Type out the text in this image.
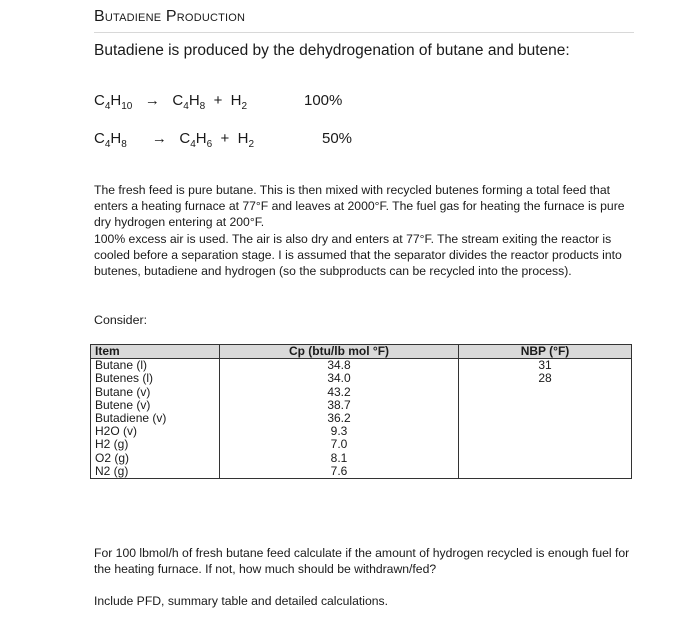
Butadiene Production
Butadiene is produced by the dehydrogenation of butane and butene:
$C_4H_{10} \to C_4H_8 + H_2$	100%
$C_4H_8 \to C_4H_6 + H_2$	50%

The fresh feed is pure butane. This is then mixed with recycled butenes forming a total feed that enters a heating furnace at 77°F and leaves at 2000°F. The fuel gas for heating the furnace is pure dry hydrogen entering at 200°F.

100% excess air is used. The air is also dry and enters at 77°F. The stream exiting the reactor is cooled before a separation stage. I is assumed that the separator divides the reactor products into butenes, butadiene and hydrogen (so the subproducts can be recycled into the process).

Consider:
Item	Cp (btu/lb mol °F)	NBP (°F)
Butane (l)	34.8	31
Butenes (l)	34.0	28
Butane (v)	43.2	
Butene (v)	38.7	
Butadiene (v)	36.2	
H2O (v)	9.3	
H2 (g)	7.0	
O2 (g)	8.1	
N2 (g)	7.6	

For 100 lbmol/h of fresh butane feed calculate if the amount of hydrogen recycled is enough fuel for the heating furnace. If not, how much should be withdrawn/fed?

Include PFD, summary table and detailed calculations.
